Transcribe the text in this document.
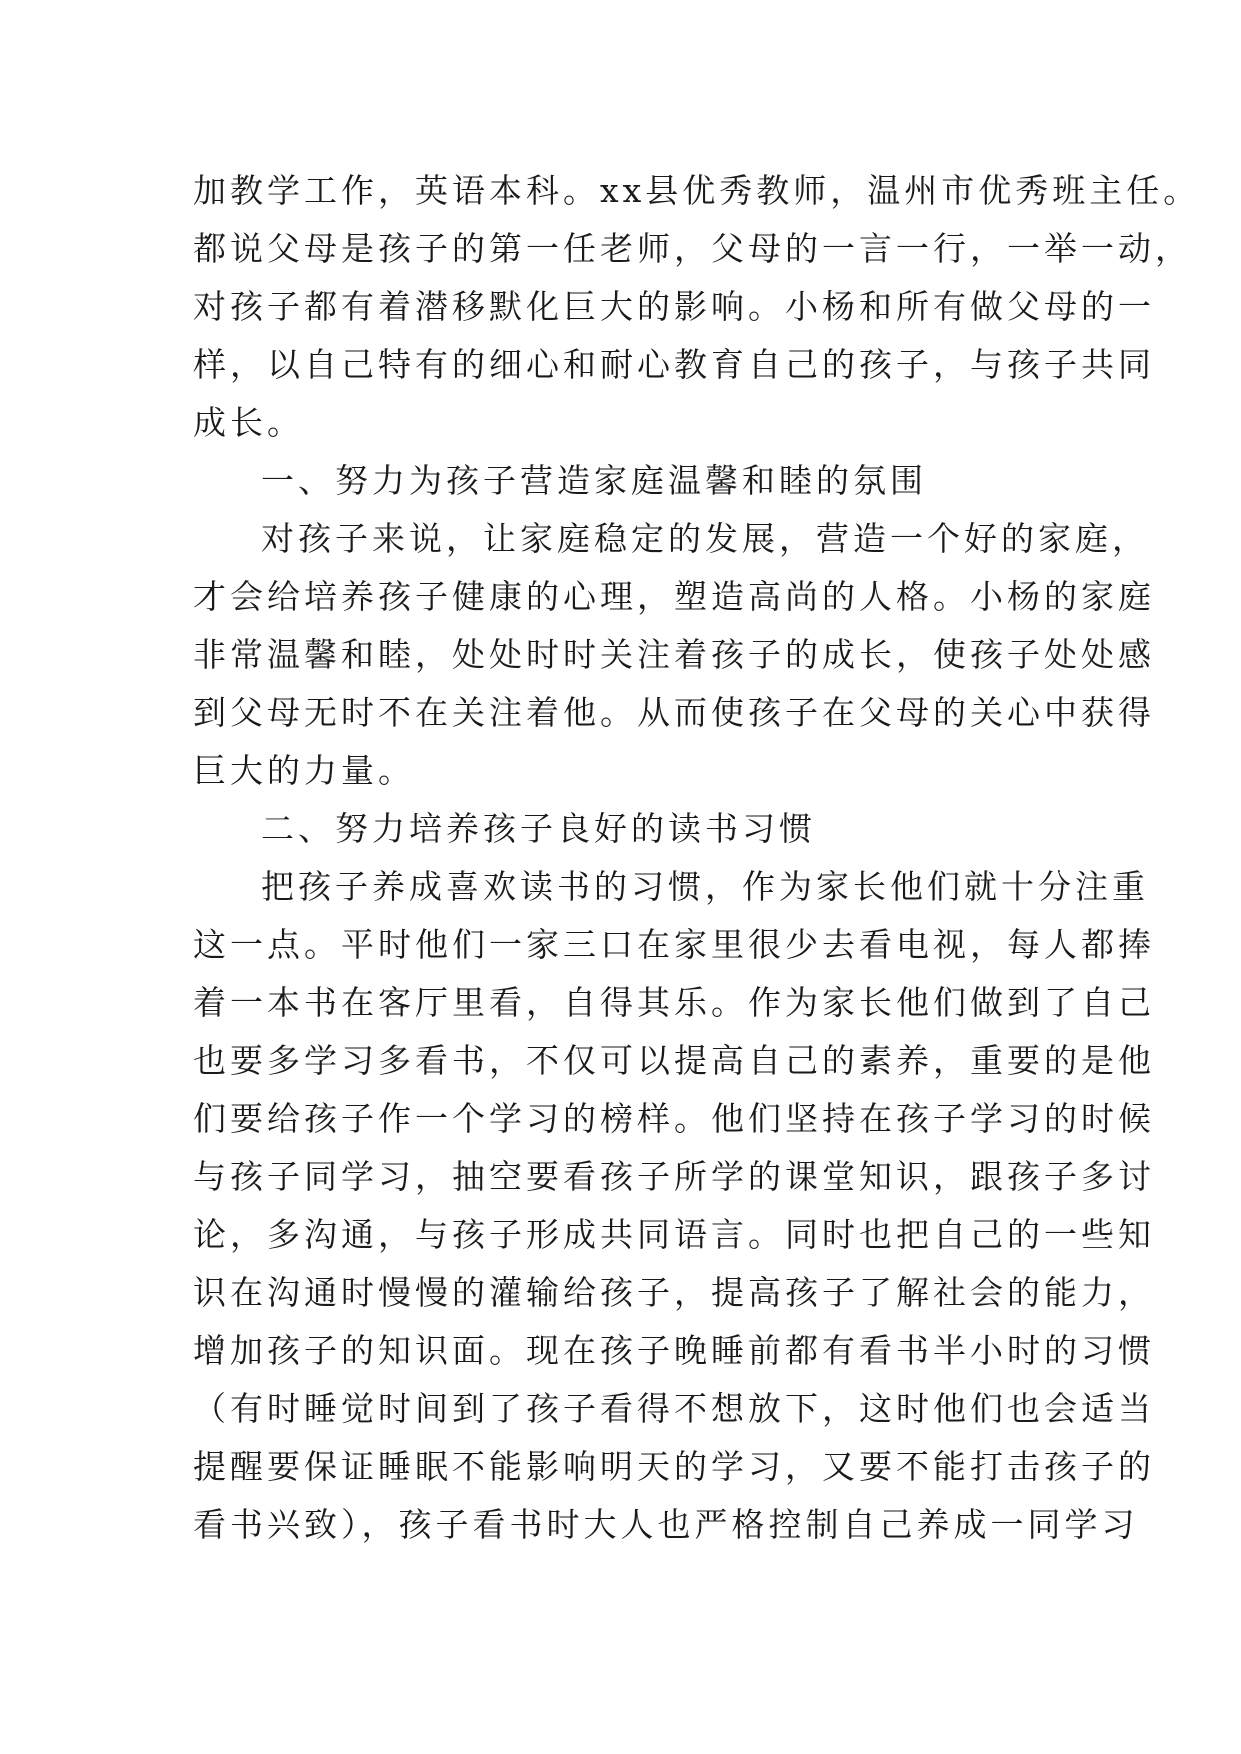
加教学工作，英语本科。xx县优秀教师，温州市优秀班主任。
都说父母是孩子的第一任老师，父母的一言一行，一举一动，
对孩子都有着潜移默化巨大的影响。小杨和所有做父母的一
样，以自己特有的细心和耐心教育自己的孩子，与孩子共同
成长。
一、努力为孩子营造家庭温馨和睦的氛围
对孩子来说，让家庭稳定的发展，营造一个好的家庭，
才会给培养孩子健康的心理，塑造高尚的人格。小杨的家庭
非常温馨和睦，处处时时关注着孩子的成长，使孩子处处感
到父母无时不在关注着他。从而使孩子在父母的关心中获得
巨大的力量。
二、努力培养孩子良好的读书习惯
把孩子养成喜欢读书的习惯，作为家长他们就十分注重
这一点。平时他们一家三口在家里很少去看电视，每人都捧
着一本书在客厅里看，自得其乐。作为家长他们做到了自己
也要多学习多看书，不仅可以提高自己的素养，重要的是他
们要给孩子作一个学习的榜样。他们坚持在孩子学习的时候
与孩子同学习，抽空要看孩子所学的课堂知识，跟孩子多讨
论，多沟通，与孩子形成共同语言。同时也把自己的一些知
识在沟通时慢慢的灌输给孩子，提高孩子了解社会的能力，
增加孩子的知识面。现在孩子晚睡前都有看书半小时的习惯
（有时睡觉时间到了孩子看得不想放下，这时他们也会适当
提醒要保证睡眠不能影响明天的学习，又要不能打击孩子的
看书兴致），孩子看书时大人也严格控制自己养成一同学习
